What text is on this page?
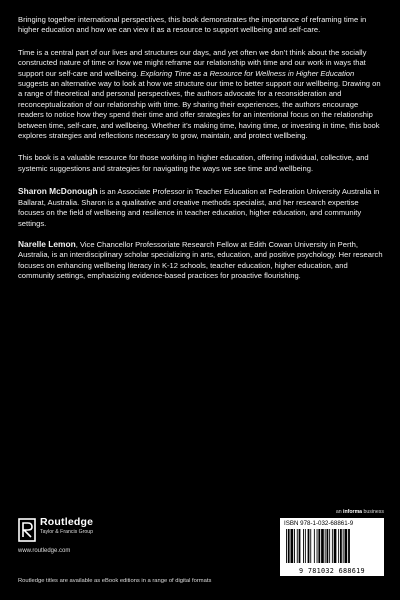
Bringing together international perspectives, this book demonstrates the importance of reframing time in higher education and how we can view it as a resource to support wellbeing and self-care.

Time is a central part of our lives and structures our days, and yet often we don’t think about the socially constructed nature of time or how we might reframe our relationship with time and our work in ways that support our self-care and wellbeing. Exploring Time as a Resource for Wellness in Higher Education suggests an alternative way to look at how we structure our time to better support our wellbeing. Drawing on a range of theoretical and personal perspectives, the authors advocate for a reconsideration and reconceptualization of our relationship with time. By sharing their experiences, the authors encourage readers to notice how they spend their time and offer strategies for an intentional focus on the relationship between time, self-care, and wellbeing. Whether it’s making time, having time, or investing in time, this book explores strategies and reflections necessary to grow, maintain, and protect wellbeing.

This book is a valuable resource for those working in higher education, offering individual, collective, and systemic suggestions and strategies for navigating the ways we see time and wellbeing.

Sharon McDonough is an Associate Professor in Teacher Education at Federation University Australia in Ballarat, Australia. Sharon is a qualitative and creative methods specialist, and her research expertise focuses on the field of wellbeing and resilience in teacher education, higher education, and community settings.

Narelle Lemon, Vice Chancellor Professoriate Research Fellow at Edith Cowan University in Perth, Australia, is an interdisciplinary scholar specializing in arts, education, and positive psychology. Her research focuses on enhancing wellbeing literacy in K-12 schools, teacher education, higher education, and community settings, emphasizing evidence-based practices for proactive flourishing.

Routledge
Taylor & Francis Group
www.routledge.com
an informa business
ISBN 978-1-032-68861-9
9 781032 688619
Routledge titles are available as eBook editions in a range of digital formats
